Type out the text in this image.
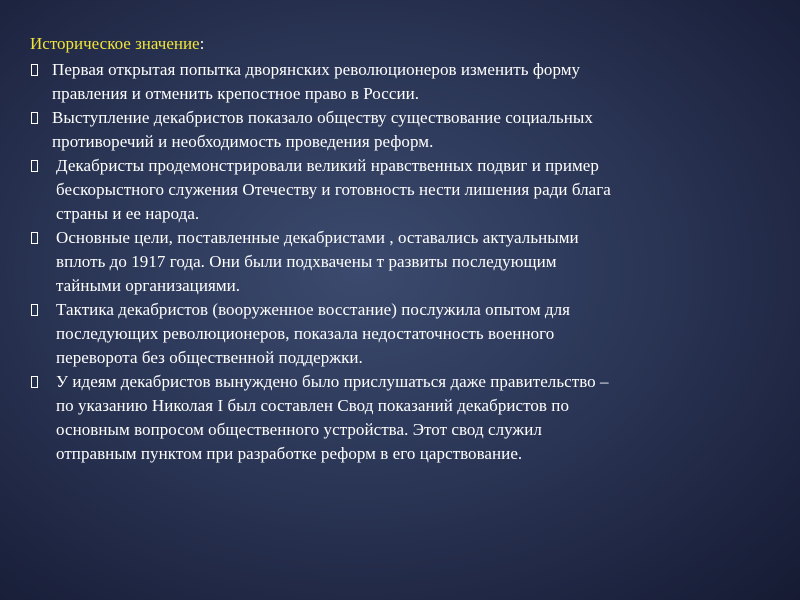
Историческое значение:
Первая открытая попытка дворянских революционеров изменить форму
правления и отменить крепостное право в России.
Выступление декабристов показало обществу существование социальных
противоречий и необходимость проведения реформ.
Декабристы продемонстрировали великий нравственных подвиг и пример
бескорыстного служения Отечеству и готовность нести лишения ради блага
страны и ее народа.
Основные цели, поставленные декабристами , оставались актуальными
вплоть до 1917 года. Они были подхвачены т развиты последующим
тайными организациями.
Тактика декабристов (вооруженное восстание) послужила опытом для
последующих революционеров, показала недостаточность военного
переворота без общественной поддержки.
У идеям декабристов вынуждено было прислушаться даже правительство –
по указанию Николая I был составлен Свод показаний декабристов по
основным вопросом общественного устройства. Этот свод служил
отправным пунктом при разработке реформ в его царствование.
